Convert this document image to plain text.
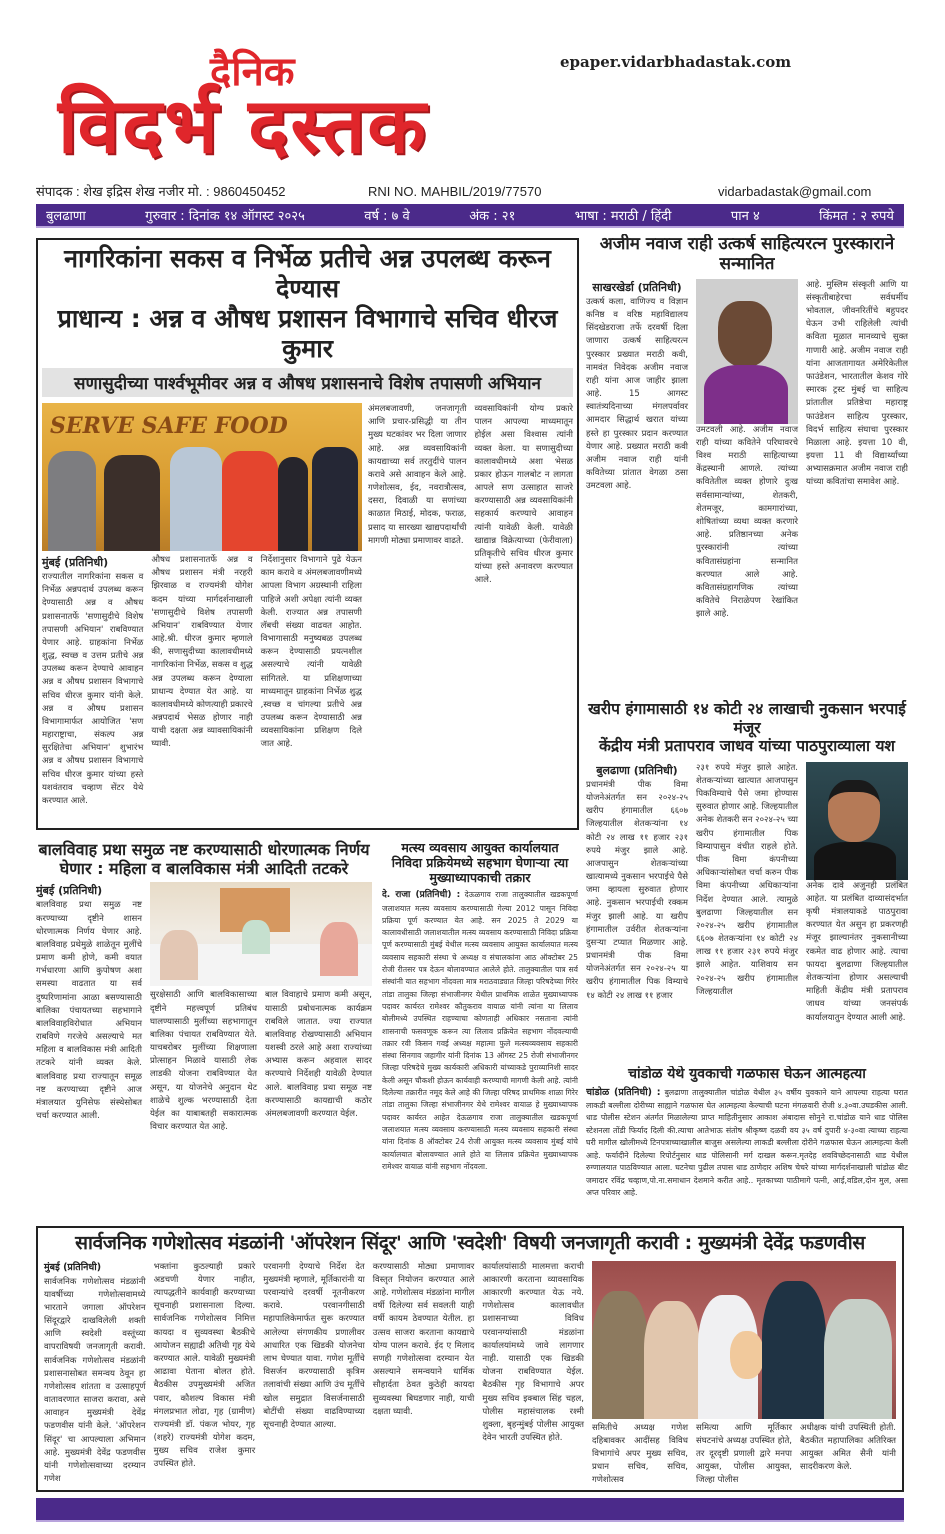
दैनिक
विदर्भ दस्तक
epaper.vidarbhadastak.com
संपादक : शेख इद्रिस शेख नजीर मो. : 9860450452	RNI NO. MAHBIL/2019/77570	vidarbadastak@gmail.com
बुलढाणा	गुरुवार : दिनांक १४ ऑगस्ट २०२५	वर्ष : ७ वे	अंक : २१	भाषा : मराठी / हिंदी	पान ४	किंमत : २ रुपये
नागरिकांना सकस व निर्भेळ प्रतीचे अन्न उपलब्ध करून देण्यास
प्राधान्य : अन्न व औषध प्रशासन विभागाचे सचिव धीरज कुमार
सणासुदीच्या पार्श्वभूमीवर अन्न व औषध प्रशासनाचे विशेष तपासणी अभियान
SERVE SAFE FOOD
मुंबई (प्रतिनिधी)
राज्यातील नागरिकांना सकस व निर्भेळ अन्नपदार्थ उपलब्ध करून देण्यासाठी अन्न व औषध प्रशासनातर्फे 'सणासुदीचे विशेष तपासणी अभियान' राबविण्यात येणार आहे. ग्राहकांना निर्भेळ शुद्ध, स्वच्छ व उत्तम प्रतीचे अन्न उपलब्ध करून देण्याचे आवाहन अन्न व औषध प्रशासन विभागाचे सचिव धीरज कुमार यांनी केले. अन्न व औषध प्रशासन विभागामार्फत आयोजित 'सण महाराष्ट्राचा, संकल्प अन्न सुरक्षितेचा अभियान' शुभारंभ अन्न व औषध प्रशासन विभागाचे सचिव धीरज कुमार यांच्या हस्ते यशवंतराव चव्हाण सेंटर येथे करण्यात आले.
औषध प्रशासनातर्फे अन्न व औषध प्रशासन मंत्री नरहरी झिरवाळ व राज्यमंत्री योगेश कदम यांच्या मार्गदर्शनाखाली 'सणासुदीचे विशेष तपासणी अभियान' राबविण्यात येणार आहे.श्री. धीरज कुमार म्हणाले की, सणासुदीच्या कालावधीमध्ये नागरिकांना निर्भेळ, सकस व शुद्ध अन्न उपलब्ध करून देण्याला प्राधान्य देण्यात येत आहे. या कालावधीमध्ये कोणत्याही प्रकारचे अन्नपदार्थ भेसळ होणार नाही याची दक्षता अन्न व्यावसायिकांनी घ्यावी.
निर्देशानुसार विभागाने पुढे येऊन काम करावे व अंमलबजावणीमध्ये आपला विभाग अग्रस्थानी राहिला पाहिजे अशी अपेक्षा त्यांनी व्यक्त केली. राज्यात अन्न तपासणी लॅबची संख्या वाढवत आहोत. विभागासाठी मनुष्यबळ उपलब्ध करून देण्यासाठी प्रयत्नशील असल्याचे त्यांनी यावेळी सांगितले. या प्रशिक्षणाच्या माध्यमातून ग्राहकांना निर्भेळ शुद्ध ,स्वच्छ व चांगल्या प्रतीचे अन्न उपलब्ध करून देण्यासाठी अन्न व्यवसायिकांना प्रशिक्षण दिले जात आहे.
अंमलबजावणी, जनजागृती आणि प्रचार-प्रसिद्धी या तीन मुख्य घटकांवर भर दिला जाणार आहे. अन्न व्यवसायिकांनी कायद्याच्या सर्व तरतुदींचे पालन करावे असे आवाहन केले आहे. गणेशोत्सव, ईद, नवरात्रौत्सव, दसरा, दिवाळी या सणांच्या काळात मिठाई, मोदक, फराळ, प्रसाद या सारख्या खाद्यपदार्थांची मागणी मोठ्या प्रमाणावर वाढते.
व्यवसायिकांनी योग्य प्रकारे पालन आपल्या माध्यमातून होईल असा विश्वास त्यांनी व्यक्त केला. या सणासुदीच्या कालावधीमध्ये अशा भेसळ प्रकार होऊन गालबोट न लागता आपले सण उत्साहात साजरे करण्यासाठी अन्न व्यवसायिकांनी सहकार्य करण्याचे आवाहन त्यांनी यावेळी केली. यावेळी खाद्यान्न विक्रेत्याच्या (फेरीवाला) प्रतिकृतीचे सचिव धीरज कुमार यांच्या हस्ते अनावरण करण्यात आले.
अजीम नवाज राही उत्कर्ष साहित्यरत्न पुरस्काराने सन्मानित
साखरखेर्डा (प्रतिनिधी)
उत्कर्ष कला, वाणिज्य व विज्ञान कनिष्ठ व वरिष्ठ महाविद्यालय सिंदखेडराजा तर्फे दरवर्षी दिला जाणारा उत्कर्ष साहित्यरत्न पुरस्कार प्रख्यात मराठी कवी, नामवंत निवेदक अजीम नवाज राही यांना आज जाहीर झाला आहे. 15 आगस्ट स्वातंत्र्यदिनाच्या मंगलपर्वावर आमदार सिद्धार्थ खरात यांच्या हस्ते हा पुरस्कार प्रदान करण्यात येणार आहे. प्रख्यात मराठी कवी अजीम नवाज राही यांनी कवितेच्या प्रांतात वेगळा ठसा उमटवला आहे.
उमटवली आहे. अजीम नवाज राही यांच्या कवितेने परिघावरचे विश्व मराठी साहित्याच्या केंद्रस्थानी आणले. त्यांच्या कवितेतील व्यक्त होणारे दुःख सर्वसामान्यांच्या, शेतकरी, शेतमजूर, कामगारांच्या, शोषितांच्या व्यथा व्यक्त करणारे आहे. प्रतिष्ठानच्या अनेक पुरस्कारांनी त्यांच्या कवितासंग्रहांना सन्मानित करण्यात आले आहे. कवितासंग्रहागणिक त्यांच्या कवितेचे निराळेपण रेखांकित झाले आहे.
आहे. मुस्लिम संस्कृती आणि या संस्कृतीबाहेरचा सर्वधर्मीय भोवताल, जीवनरितींचे बहुपदर घेऊन उभी राहिलेली त्यांची कविता मूळात मानव्याचे सुक्त गाणारी आहे. अजीम नवाज राही यांना आजतागायत अमेरिकेतील फाउंडेशन, भारतातील केशव गोरे स्मारक ट्रस्ट मुंबई चा साहित्य प्रांतातील प्रतिष्ठेचा महाराष्ट्र फाउंडेशन साहित्य पुरस्कार, विदर्भ साहित्य संघाचा पुरस्कार मिळाला आहे. इयत्ता 10 वी, इयत्ता 11 वी विद्यार्थ्यांच्या अभ्यासक्रमात अजीम नवाज राही यांच्या कवितांचा समावेश आहे.
खरीप हंगामासाठी १४ कोटी २४ लाखाची नुकसान भरपाई मंजूर
केंद्रीय मंत्री प्रतापराव जाधव यांच्या पाठपुराव्याला यश
बुलढाणा (प्रतिनिधी)
प्रधानमंत्री पीक विमा योजनेअंतर्गत सन २०२४-२५ खरीप हंगामातील ६६०७ जिल्हयातील शेतकऱ्यांना १४ कोटी २४ लाख ११ हजार २३१ रुपये मंजुर झाले आहे. आजपासुन शेतकऱ्यांच्या खात्यामध्ये नुकसान भरपाईचे पैसे जमा व्हायला सुरुवात होणार आहे. नुकसान भरपाईची रक्कम मंजुर झाली आहे. या खरीप हंगामातील उर्वरीत शेतकऱ्यांना दुसऱ्या टप्यात मिळणार आहे. प्रधानमंत्री पीक विमा योजनेअंतर्गत सन २०२४-२५ या खरीप हंगामातील पिक विम्याचे १४ कोटी २४ लाख ११ हजार
२३१ रुपये मंजुर झाले आहेत. शेतकऱ्यांच्या खात्यात आजपासुन पिकविम्याचे पैसे जमा होण्यास सुरुवात होणार आहे. जिल्हयातील अनेक शेतकरी सन २०२४-२५ च्या खरीप हंगामातील पिक विम्यापासुन वंचीत राहले होते. पीक विमा कंपनीच्या अधिकाऱ्यांसोबत चर्चा करुन पीक विमा कंपनीच्या अधिकाऱ्यांना निर्देश देण्यात आले. त्यामुळे बुलढाणा जिल्हयातील सन २०२४-२५ खरीप हंगामातील ६६०७ शेतकऱ्यांना १४ कोटी २४ लाख ११ हजार २३१ रुपये मंजुर झाले आहेत. याशिवाय सन २०२४-२५ खरीप हंगामातील जिल्हयातील
अनेक दावे अजुनही प्रलंबित आहेत. या प्रलंबित दाव्यासंदर्भात कृषी मंत्रालयाकडे पाठपुरावा करण्यात येत असुन हा प्रकरणही मंजूर झाल्यानंतर नुकसानीच्या रकमेत वाढ होणार आहे. त्याचा फायदा बुलढाणा जिल्हयातील शेतकऱ्यांना होणार असल्याची माहिती केंद्रीय मंत्री प्रतापराव जाधव यांच्या जनसंपर्क कार्यालयातुन देण्यात आली आहे.
बालविवाह प्रथा समुळ नष्ट करण्यासाठी धोरणात्मक निर्णय
घेणार : महिला व बालविकास मंत्री आदिती तटकरे
मुंबई (प्रतिनिधी)
बालविवाह प्रथा समुळ नष्ट करण्याच्या दृष्टीने शासन धोरणात्मक निर्णय घेणार आहे. बालविवाह प्रथेमुळे शाळेतून मुलींचे प्रमाण कमी होणे, कमी वयात गर्भधारणा आणि कुपोषण अशा समस्या वाढतात या सर्व दुष्परिणामांना आळा बसण्यासाठी बालिका पंचायतच्या सहभागाने बालविवाहविरोधात अभियान राबविणे गरजेचे असल्याचे मत महिला व बालविकास मंत्री आदिती तटकरे यांनी व्यक्त केले. बालविवाह प्रथा राज्यातून समूळ नष्ट करण्याच्या दृष्टीने आज मंत्रालयात युनिसेफ संस्थेसोबत चर्चा करण्यात आली.
सुरक्षेसाठी आणि बालविकासाच्या दृष्टीने महत्त्वपूर्ण प्रतिबंध घालण्यासाठी मुलींच्या सहभागातून बालिका पंचायत राबविण्यात येते. याचबरोबर मुलींच्या शिक्षणाला प्रोत्साहन मिळावे यासाठी लेक लाडकी योजना राबविण्यात येत असून, या योजनेचे अनुदान थेट शाळेचे शुल्क भरण्यासाठी देता येईल का याबाबतही सकारात्मक विचार करण्यात येत आहे.
बाल विवाहाचे प्रमाण कमी असून, यासाठी प्रबोधनात्मक कार्यक्रम राबविले जातात. ज्या राज्यात बालविवाह रोखण्यासाठी अभियान यशस्वी ठरले आहे अशा राज्यांच्या अभ्यास करून अहवाल सादर करण्याचे निर्देशही यावेळी देण्यात आले. बालविवाह प्रथा समूळ नष्ट करण्यासाठी कायद्याची कठोर अंमलबजावणी करण्यात येईल.
मत्स्य व्यवसाय आयुक्त कार्यालयात
निविदा प्रक्रियेमध्ये सहभाग घेणाऱ्या त्या
मुख्याध्यापकाची तक्रार
दे. राजा (प्रतिनिधी) : देऊळगाव राजा तालुक्यातील खडकपूर्णा जलाशयात मत्स्य व्यवसाय करण्यासाठी गेल्या 2012 पासून निविदा प्रक्रिया पूर्ण करण्यात येत आहे. सन 2025 ते 2029 या कालावधीसाठी जलाशयातील मत्स्य व्यवसाय करण्यासाठी निविदा प्रक्रिया पूर्ण करण्यासाठी मुंबई येथील मत्स्य व्यवसाय आयुक्त कार्यालयात मत्स्य व्यवसाय सहकारी संस्था चे अध्यक्ष व संचालकांना आठ ऑक्टोबर 25 रोजी रीतसर पत्र देऊन बोलावण्यात आलेले होते. तालुक्यातील पात्र सर्व संस्थांनी यात सहभाग नोंदवला मात्र मराठवाड्यात जिल्हा परिषदेच्या गिरेर तांडा तालुका जिल्हा संभाजीनगर येथील प्राथमिक शाळेत मुख्याध्यापक पदावर कार्यरत रामेश्वर कौतुकराव वायाळ यांनी त्यांना या लिलाव बोलीमध्ये उपस्थित राहण्याचा कोणताही अधिकार नसताना त्यांनी शासनाची फसवणूक करून त्या लिलाव प्रक्रियेत सहभाग नोंदवल्याची तक्रार रवी किसन गवई अध्यक्ष महात्मा फुले मत्स्यव्यवसाय सहकारी संस्था सिनगाव जहागीर यांनी दिनांक 13 ऑगस्ट 25 रोजी संभाजीनगर जिल्हा परिषदेचे मुख्य कार्यकारी अधिकारी यांच्याकडे पुराव्यानिशी सादर केली असून चौकशी होऊन कार्यवाही करण्याची मागणी केली आहे. त्यांनी दिलेल्या तक्रारीत नमूद केले आहे की जिल्हा परिषद प्राथमिक शाळा गिरेर तांडा तालुका जिल्हा संभाजीनगर येथे रामेश्वर वायाळ हे मुख्याध्यापक पदावर कार्यरत आहेत देऊळगाव राजा तालुक्यातील खडकपूर्णा जलाशयात मत्स्य व्यवसाय करण्यासाठी मत्स्य व्यवसाय सहकारी संस्था यांना दिनांक 8 ऑक्टोबर 24 रोजी आयुक्त मत्स्य व्यवसाय मुंबई यांचे कार्यालयात बोलावण्यात आले होते या लिलाव प्रक्रियेत मुख्याध्यापक रामेश्वर वायाळ यांनी सहभाग नोंदवला.
चांडोळ येथे युवकाची गळफास घेऊन आत्महत्या
चांडोळ (प्रतिनिधी) : बुलढाणा तालुक्यातील चांडोळ येथील ३५ वर्षीय युवकाने याने आपल्या राहत्या घरात लाकडी बल्लीला दोरीच्या साह्याने गळफास घेत आत्महत्या केल्याची घटना मंगळवारी रोजी ४.३०वा.उघडकीस आली. धाड पोलीस स्टेशन अंतर्गत मिळालेल्या प्राप्त माहितीनुसार आकाश अंबादास सोनुने रा.चांडोळ याने धाड पोलिस स्टेशनला तोंडी फिर्याद दिली की.त्याचा आतेभाऊ संतोष श्रीकृष्ण दळवी वय ३५ वर्ष दुपारी ४-३०वा त्याच्या राहत्या घरी मागील खोलीमध्ये टिनपत्राच्याखालील बाजुस असलेल्या लाकडी बल्लीला दोरीने गळफास घेऊन आत्महत्या केली आहे. फर्यादीने दिलेल्या रिपोर्टनुसार धाड पोलिसानी मर्ग दाखल करून.मृतदेह शवविच्छेदनासाठी धाड येथील रुग्णालयात पाठविण्यात आला. घटनेचा पुढील तपास धाड ठाणेदार अशिष चेचरे यांच्या मार्गदर्शनाखाली चांडोळ बीट जमादार रविंद्र चव्हाण,पो.ना.समाधान देशमाने करीत आहे.. मृतकाच्या पाठीमागे पत्नी, आई,वडिल,दोन मुल, असा अप्त परिवार आहे.
सार्वजनिक गणेशोत्सव मंडळांनी 'ऑपरेशन सिंदूर' आणि 'स्वदेशी' विषयी जनजागृती करावी : मुख्यमंत्री देवेंद्र फडणवीस
मुंबई (प्रतिनिधी)
सार्वजनिक गणेशोत्सव मंडळांनी यावर्षीच्या गणेशोत्सवामध्ये भारताने जगाला ऑपरेशन सिंदूरद्वारे दाखविलेली शक्ती आणि स्वदेशी वस्तूंच्या वापराविषयी जनजागृती करावी. सार्वजनिक गणेशोत्सव मंडळांनी प्रशासनासोबत समन्वय ठेवून हा गणेशोत्सव शांतता व उत्साहपूर्ण वातावरणात साजरा करावा, असे आवाहन मुख्यमंत्री देवेंद्र फडणवीस यांनी केले. 'ऑपरेशन सिंदूर' चा आपल्याला अभिमान आहे. मुख्यमंत्री देवेंद्र फडणवीस यांनी गणेशोत्सवाच्या दरम्यान गणेश
भक्तांना कुठल्याही प्रकारे अडचणी येणार नाहीत, त्यापद्धतीने कार्यवाही करण्याच्या सूचनाही प्रशासनाला दिल्या. सार्वजनिक गणेशोत्सव निमित्त कायदा व सुव्यवस्था बैठकीचे आयोजन सह्याद्री अतिथी गृह येथे करण्यात आले. यावेळी मुख्यमंत्री आढावा घेताना बोलत होते. बैठकीस उपमुख्यमंत्री अजित पवार, कौशल्य विकास मंत्री मंगलप्रभात लोढा, गृह (ग्रामीण) राज्यमंत्री डॉ. पंकज भोयर, गृह (शहरे) राज्यमंत्री योगेश कदम, मुख्य सचिव राजेश कुमार उपस्थित होते.
परवानगी देण्याचे निर्देश देत मुख्यमंत्री म्हणाले, मूर्तिकारांनी या परवान्यांचे दरवर्षी नूतनीकरण करावे. परवानगीसाठी महापालिकेमार्फत सुरू करण्यात आलेल्या संगणकीय प्रणालीवर आधारित एक खिडकी योजनेचा लाभ घेण्यात यावा. गणेश मूर्तींचे विसर्जन करण्यासाठी कृत्रिम तलावांची संख्या आणि उंच मूर्तींचे खोल समुद्रात विसर्जनासाठी बोटींची संख्या वाढविण्याच्या सूचनाही देण्यात आल्या.
करण्यासाठी मोठ्या प्रमाणावर विस्तृत नियोजन करण्यात आले आहे. गणेशोत्सव मंडळांना मागील वर्षी दिलेल्या सर्व सवलती याही वर्षी कायम ठेवण्यात येतील. हा उत्सव साजरा करताना कायद्याचे योग्य पालन करावे. ईद ए मिलाद सणही गणेशोत्सवा दरम्यान येत असल्याने समन्वयाने धार्मिक सौहार्दता ठेवत कुठेही कायदा सुव्यवस्था बिघडणार नाही, याची दक्षता घ्यावी.
कार्यालयांसाठी मालमत्ता कराची आकारणी करताना व्यावसायिक आकारणी करण्यात येऊ नये. गणेशोत्सव कालावधीत प्रशासनाच्या विविध परवानग्यांसाठी मंडळांना कार्यालयांमध्ये जावे लागणार नाही. यासाठी एक खिडकी योजना राबविण्यात येईल. बैठकीस गृह विभागाचे अपर मुख्य सचिव इक्बाल सिंह चहल, पोलीस महासंचालक रश्मी शुक्ला, बृहन्मुंबई पोलीस आयुक्त देवेन भारती उपस्थित होते.
समितीचे अध्यक्ष गणेश दहिबावकर आदींसह विविध विभागांचे अपर मुख्य सचिव, प्रधान सचिव, सचिव, गणेशोत्सव
समित्या आणि मूर्तिकार संघटनांचे अध्यक्ष उपस्थित होते, तर दूरदृष्टी प्रणाली द्वारे मनपा आयुक्त, पोलीस आयुक्त, जिल्हा पोलीस
अधीक्षक यांची उपस्थिती होती. बैठकीत महापालिका अतिरिक्त आयुक्त अमित सैनी यांनी सादरीकरण केले.
